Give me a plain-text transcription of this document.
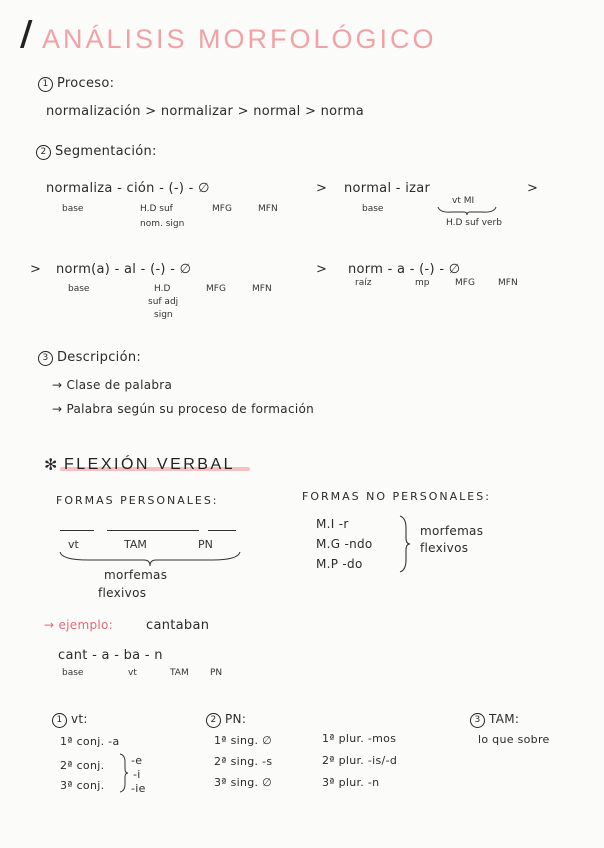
/ ANÁLISIS MORFOLÓGICO
1 Proceso:
normalización > normalizar > normal > norma
2 Segmentación:
normaliza - ción - (-) - ∅
base	H.D suf
nom. sign
MFG	MFN
> normal - izar
base
vt MI
H.D suf verb
>
> norm(a) - al - (-) - ∅
base	H.D
suf adj
sign
MFG	MFN
> norm - a - (-) - ∅
raíz	mp	MFG	MFN
3 Descripción:
→ Clase de palabra
→ Palabra según su proceso de formación
✻ FLEXIÓN VERBAL
FORMAS PERSONALES:
vt	TAM	PN
morfemas
flexivos
FORMAS NO PERSONALES:
M.I -r
M.G -ndo
M.P -do
morfemas
flexivos
→ ejemplo:	cantaban
cant - a - ba - n
base	vt	TAM PN
1 vt:
1ª conj. -a
2ª conj.
3ª conj.
-e
-i
-ie
2 PN:
1ª sing. ∅
2ª sing. -s
3ª sing. ∅
1ª plur. -mos
2ª plur. -is/-d
3ª plur. -n
3 TAM:
lo que sobre
